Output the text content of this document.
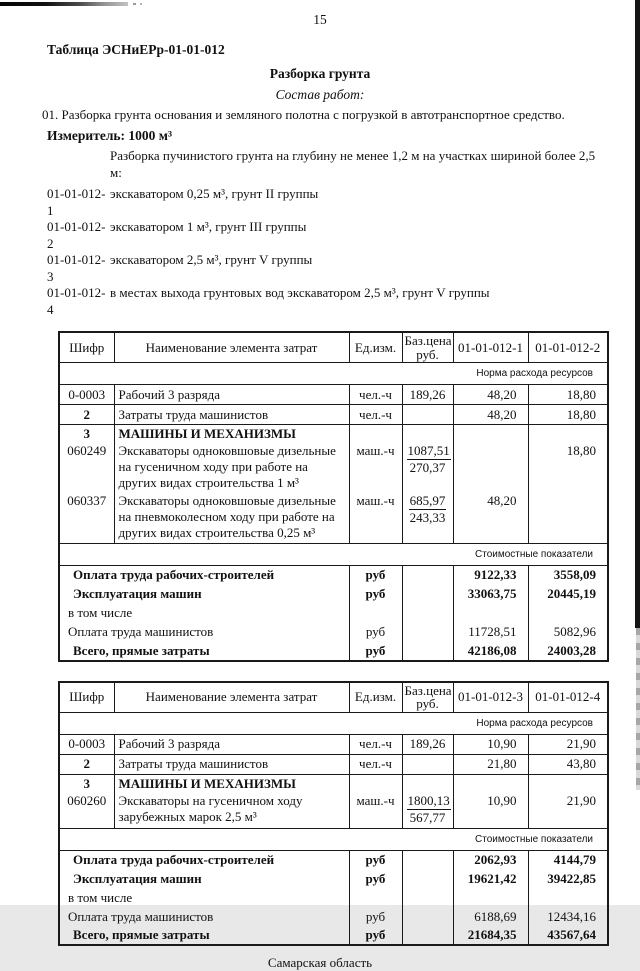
15
Таблица ЭСНиЕРр-01-01-012
Разборка грунта
Состав работ:
01. Разборка грунта основания и земляного полотна с погрузкой в автотранспортное средство.
Измеритель: 1000 м³
Разборка пучинистого грунта на глубину не менее 1,2 м на участках шириной более 2,5 м:
01-01-012-1
экскаватором 0,25 м³, грунт II группы
01-01-012-2
экскаватором 1 м³, грунт III группы
01-01-012-3
экскаватором 2,5 м³, грунт V группы
01-01-012-4
в местах выхода грунтовых вод экскаватором 2,5 м³, грунт V группы
Шифр	Наименование элемента затрат	Ед.изм.	Баз.цена
руб.	01-01-012-1	01-01-012-2
Норма расхода ресурсов					
0-0003	Рабочий 3 разряда	чел.-ч	189,26	48,20	18,80
2	Затраты труда машинистов	чел.-ч		48,20	18,80
3	МАШИНЫ И МЕХАНИЗМЫ				
060249	Экскаваторы одноковшовые дизельные на гусеничном ходу при работе на других видах строительства 1 м³	маш.-ч	1087,51
270,37		18,80
060337	Экскаваторы одноковшовые дизельные на пневмоколесном ходу при работе на других видах строительства 0,25 м³	маш.-ч	685,97
243,33	48,20	
Стоимостные показатели					
Оплата труда рабочих-строителей		руб		9122,33	3558,09
Эксплуатация машин		руб		33063,75	20445,19
в том числе					
Оплата труда машинистов		руб		11728,51	5082,96
Всего, прямые затраты		руб		42186,08	24003,28
Шифр	Наименование элемента затрат	Ед.изм.	Баз.цена
руб.	01-01-012-3	01-01-012-4
Норма расхода ресурсов					
0-0003	Рабочий 3 разряда	чел.-ч	189,26	10,90	21,90
2	Затраты труда машинистов	чел.-ч		21,80	43,80
3	МАШИНЫ И МЕХАНИЗМЫ				
060260	Экскаваторы на гусеничном ходу зарубежных марок 2,5 м³	маш.-ч	1800,13
567,77	10,90	21,90
Стоимостные показатели					
Оплата труда рабочих-строителей		руб		2062,93	4144,79
Эксплуатация машин		руб		19621,42	39422,85
в том числе					
Оплата труда машинистов		руб		6188,69	12434,16
Всего, прямые затраты		руб		21684,35	43567,64
Самарская область
